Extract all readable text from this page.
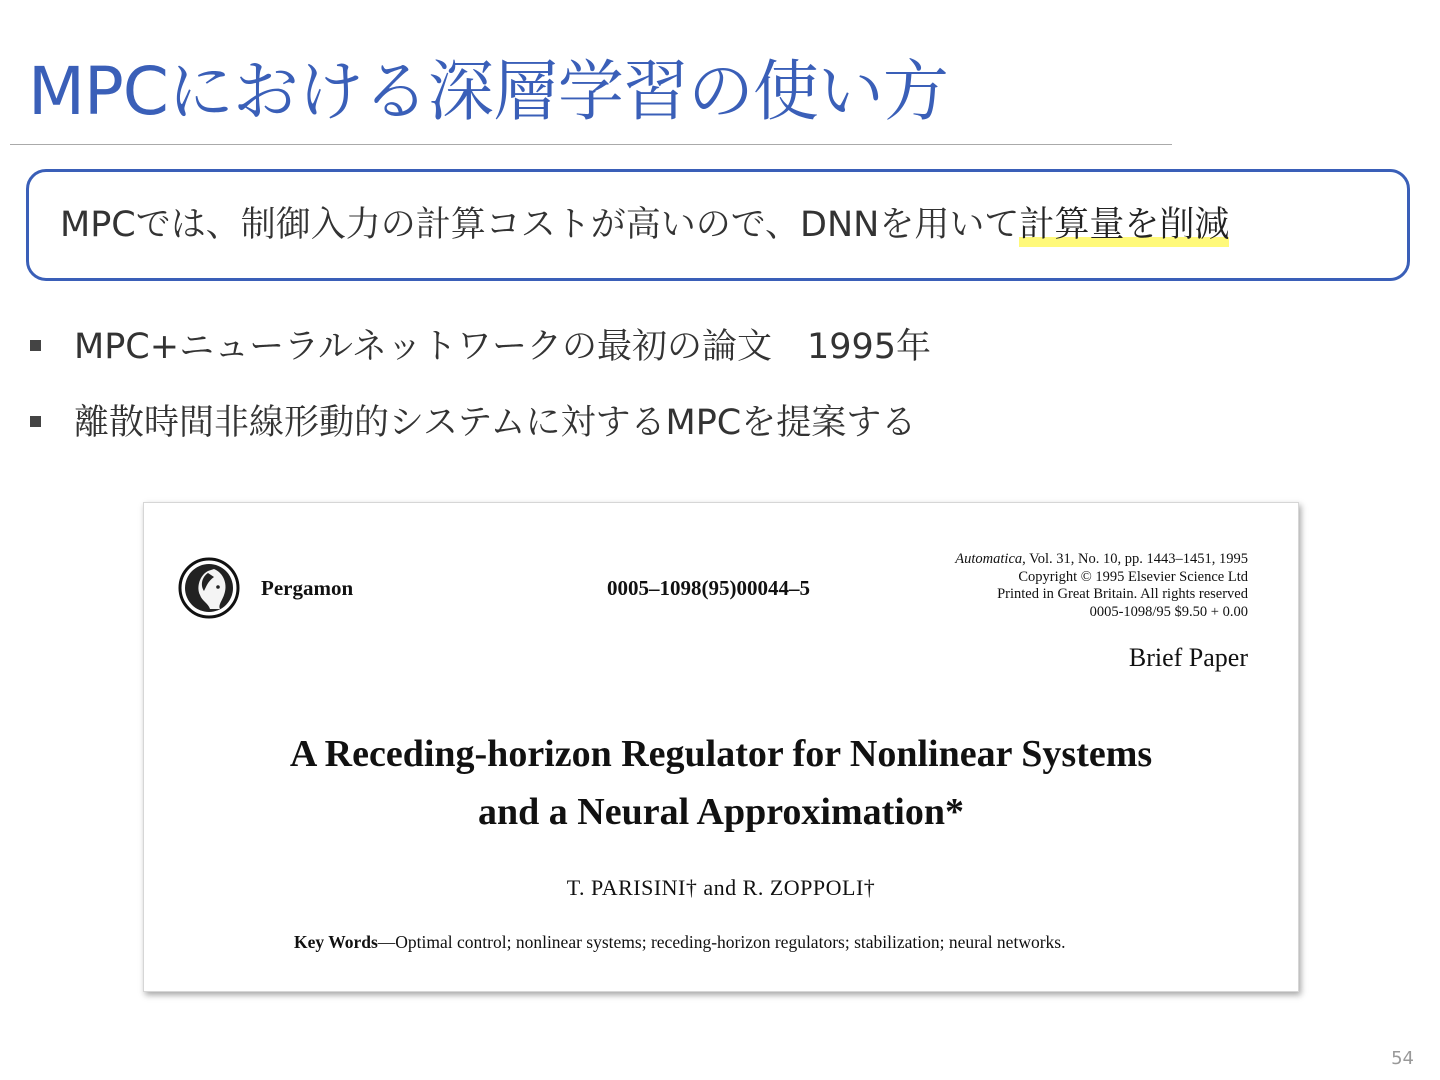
MPCにおける深層学習の使い方
MPCでは、制御入力の計算コストが高いので、DNNを用いて計算量を削減
MPC+ニューラルネットワークの最初の論文　1995年
離散時間非線形動的システムに対するMPCを提案する
Pergamon	0005–1098(95)00044–5
Automatica, Vol. 31, No. 10, pp. 1443–1451, 1995
Copyright © 1995 Elsevier Science Ltd
Printed in Great Britain. All rights reserved
0005-1098/95 $9.50 + 0.00
Brief Paper
A Receding-horizon Regulator for Nonlinear Systems
and a Neural Approximation*
T. PARISINI† and R. ZOPPOLI†
Key Words—Optimal control; nonlinear systems; receding-horizon regulators; stabilization; neural networks.
54
